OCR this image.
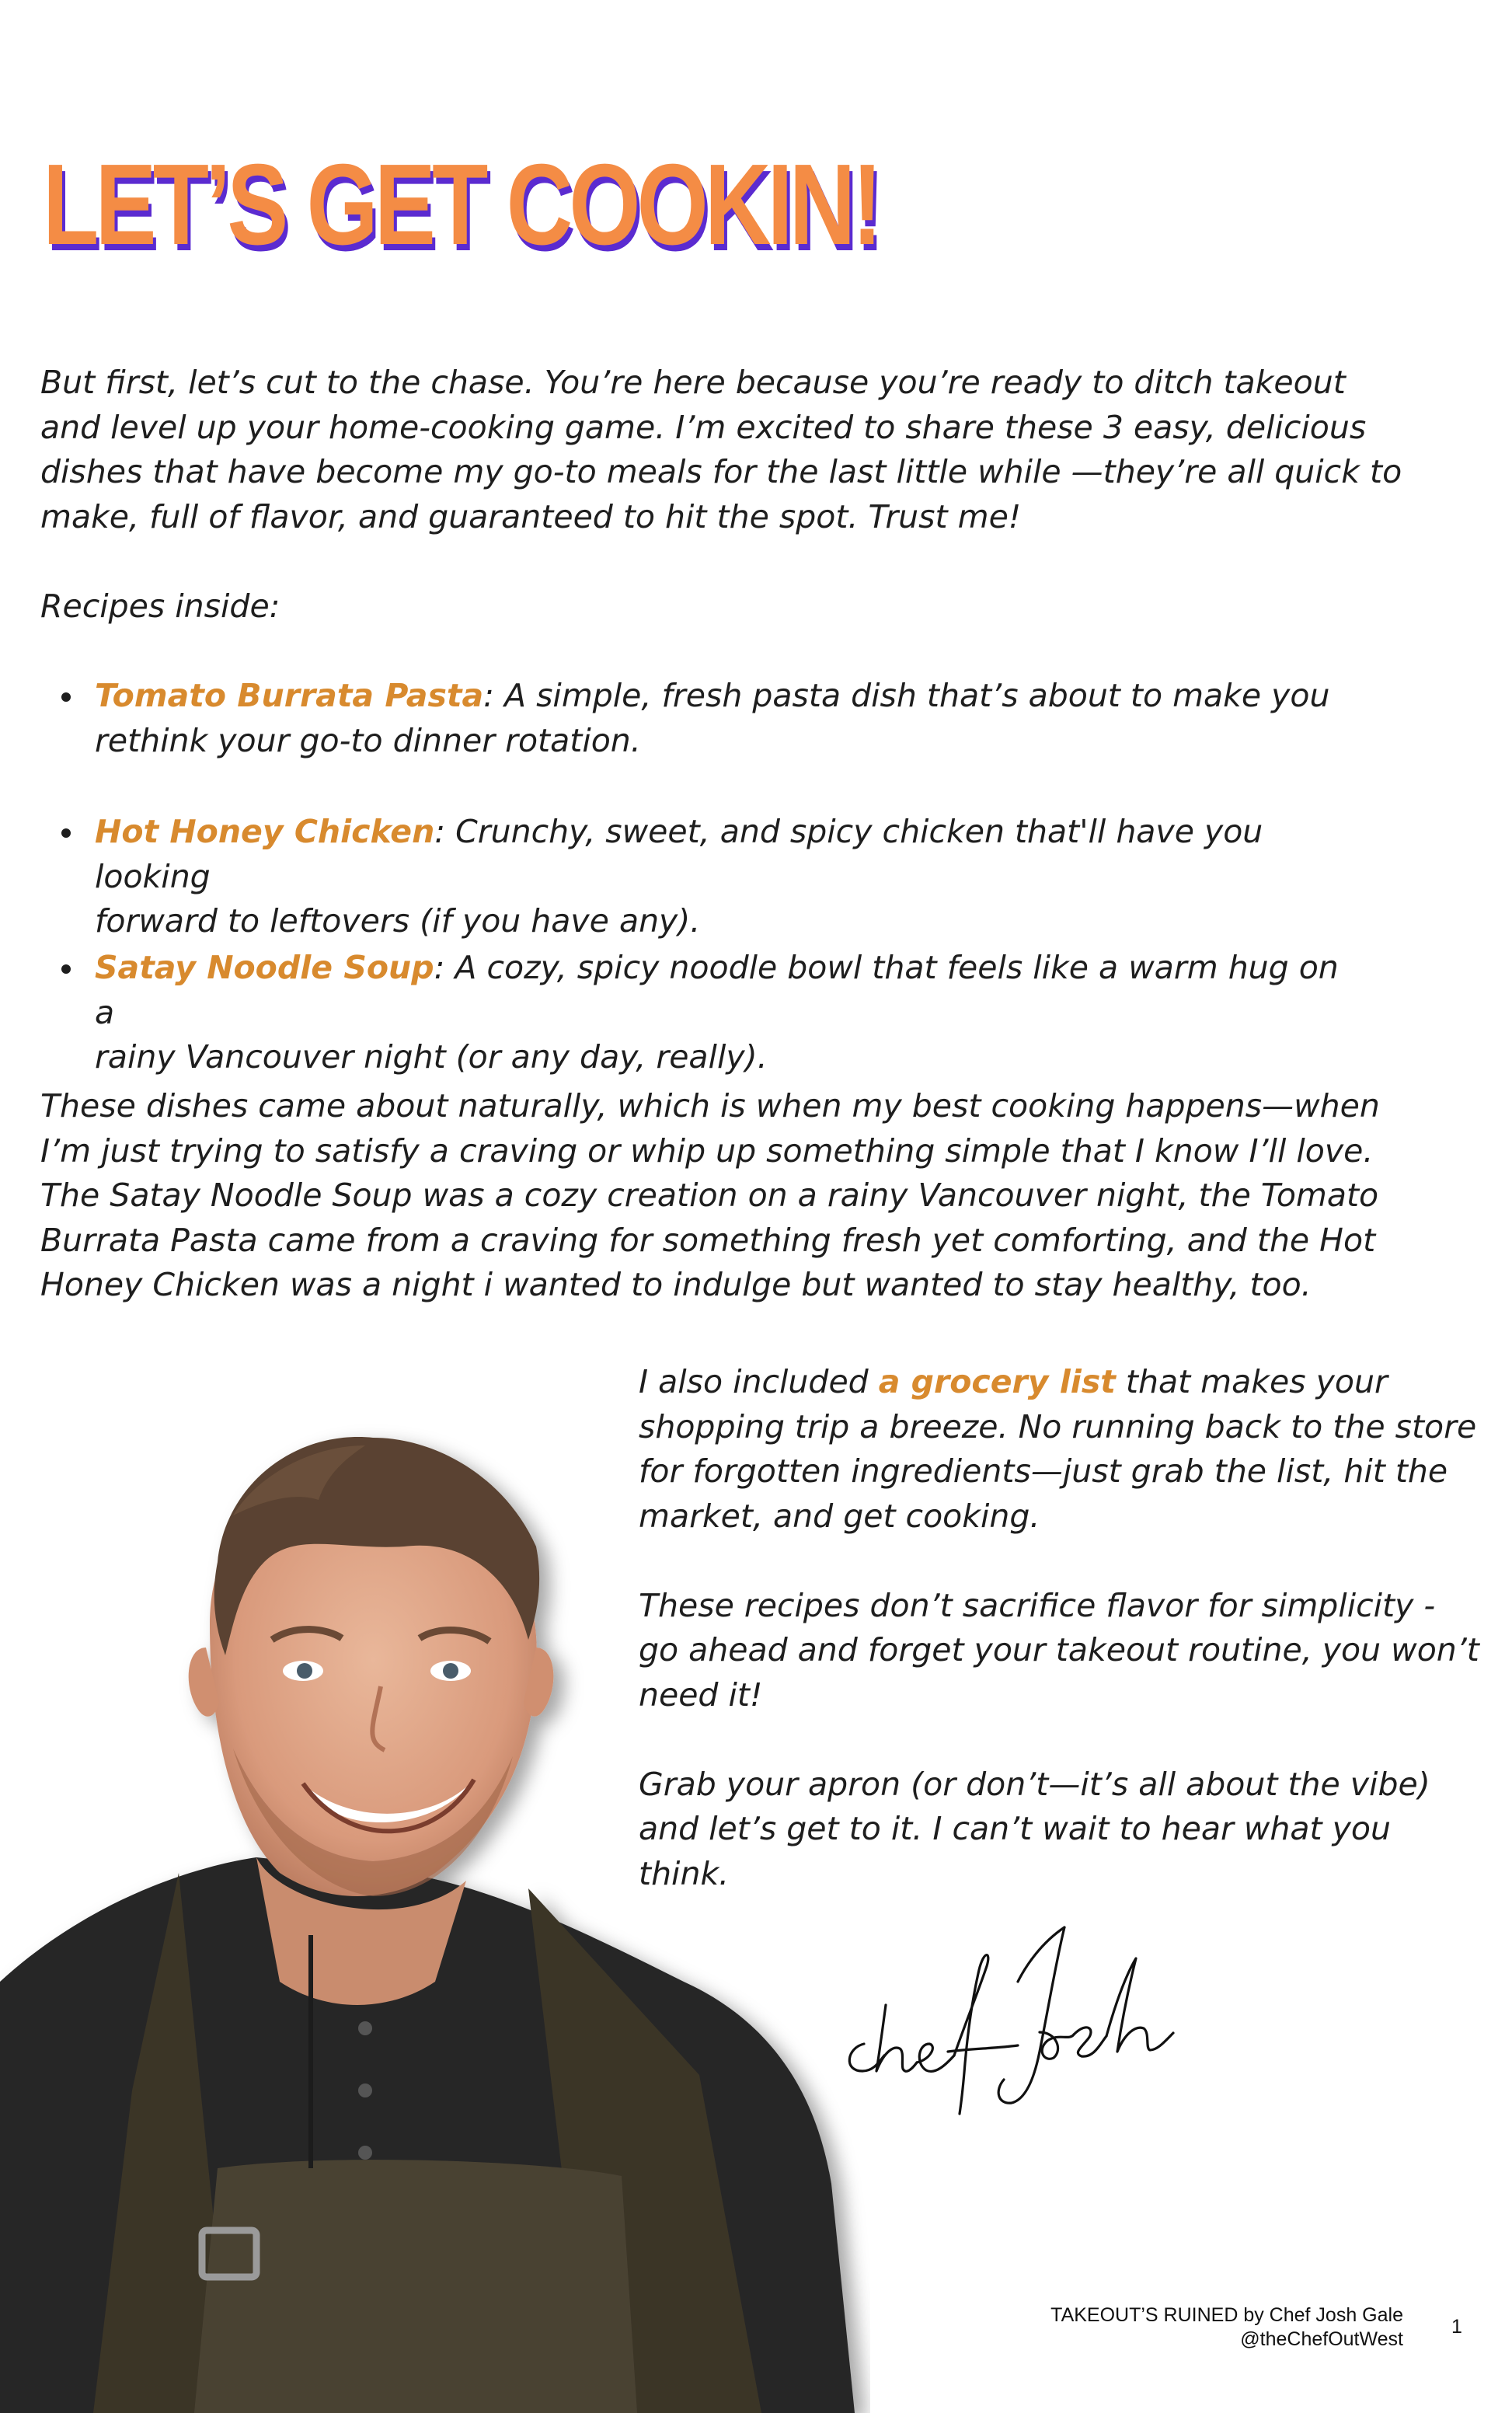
LET’S GET COOKIN!

But first, let’s cut to the chase. You’re here because you’re ready to ditch takeout
and level up your home-cooking game. I’m excited to share these 3 easy, delicious
dishes that have become my go-to meals for the last little while —they’re all quick to
make, full of flavor, and guaranteed to hit the spot. Trust me!

Recipes inside:

Tomato Burrata Pasta: A simple, fresh pasta dish that’s about to make you
rethink your go-to dinner rotation.
Hot Honey Chicken: Crunchy, sweet, and spicy chicken that'll have you looking
forward to leftovers (if you have any).
Satay Noodle Soup: A cozy, spicy noodle bowl that feels like a warm hug on a
rainy Vancouver night (or any day, really).

These dishes came about naturally, which is when my best cooking happens—when
I’m just trying to satisfy a craving or whip up something simple that I know I’ll love.
The Satay Noodle Soup was a cozy creation on a rainy Vancouver night, the Tomato
Burrata Pasta came from a craving for something fresh yet comforting, and the Hot
Honey Chicken was a night i wanted to indulge but wanted to stay healthy, too.

I also included a grocery list that makes your
shopping trip a breeze. No running back to the store
for forgotten ingredients—just grab the list, hit the
market, and get cooking.

These recipes don’t sacrifice flavor for simplicity -
go ahead and forget your takeout routine, you won’t
need it!

Grab your apron (or don’t—it’s all about the vibe)
and let’s get to it. I can’t wait to hear what you
think.

chef Josh
TAKEOUT’S RUINED by Chef Josh Gale
@theChefOutWest
1
